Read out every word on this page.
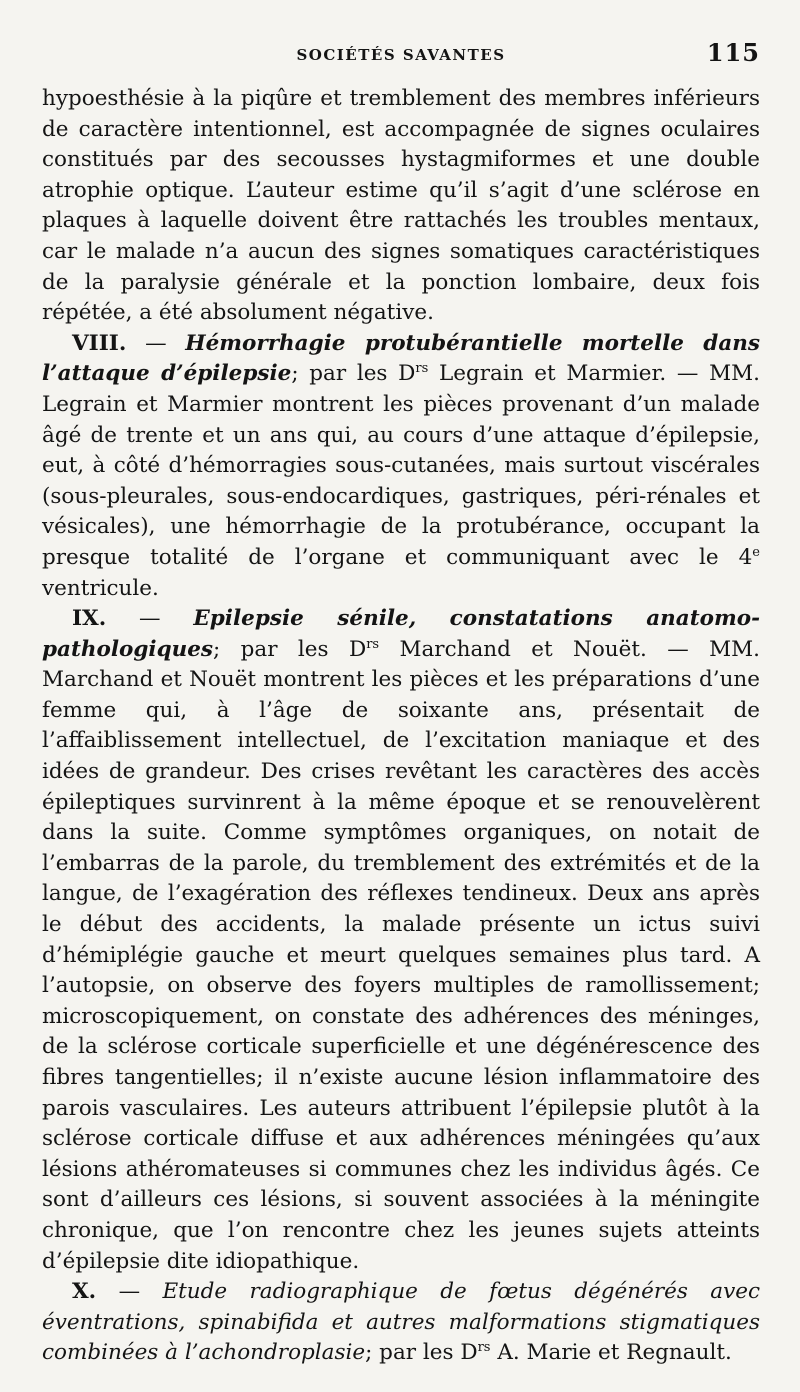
SOCIÉTÉS SAVANTES	115

hypoesthésie à la piqûre et tremblement des membres inférieurs de caractère intentionnel, est accompagnée de signes oculaires constitués par des secousses hystagmiformes et une double atrophie optique. L’auteur estime qu’il s’agit d’une sclérose en plaques à laquelle doivent être rattachés les troubles mentaux, car le malade n’a aucun des signes somatiques caractéristiques de la paralysie générale et la ponction lombaire, deux fois répétée, a été absolument négative.

VIII. — Hémorrhagie protubérantielle mortelle dans l’attaque d’épilepsie; par les $D^{rs}$ Legrain et Marmier. — MM. Legrain et Marmier montrent les pièces provenant d’un malade âgé de trente et un ans qui, au cours d’une attaque d’épilepsie, eut, à côté d’hémorragies sous-cutanées, mais surtout viscérales (sous-pleurales, sous-endocardiques, gastriques, péri-rénales et vésicales), une hémorrhagie de la protubérance, occupant la presque totalité de l’organe et communiquant avec le 4e ventricule.

IX. — Epilepsie sénile, constatations anatomo-pathologiques; par les $D^{rs}$ Marchand et Nouët. — MM. Marchand et Nouët montrent les pièces et les préparations d’une femme qui, à l’âge de soixante ans, présentait de l’affaiblissement intellectuel, de l’excitation maniaque et des idées de grandeur. Des crises revêtant les caractères des accès épileptiques survinrent à la même époque et se renouvelèrent dans la suite. Comme symptômes organiques, on notait de l’embarras de la parole, du tremblement des extrémités et de la langue, de l’exagération des réflexes tendineux. Deux ans après le début des accidents, la malade présente un ictus suivi d’hémiplégie gauche et meurt quelques semaines plus tard. A l’autopsie, on observe des foyers multiples de ramollissement; microscopiquement, on constate des adhérences des méninges, de la sclérose corticale superficielle et une dégénérescence des fibres tangentielles; il n’existe aucune lésion inflammatoire des parois vasculaires. Les auteurs attribuent l’épilepsie plutôt à la sclérose corticale diffuse et aux adhérences méningées qu’aux lésions athéromateuses si communes chez les individus âgés. Ce sont d’ailleurs ces lésions, si souvent associées à la méningite chronique, que l’on rencontre chez les jeunes sujets atteints d’épilepsie dite idiopathique.

X. — Etude radiographique de fœtus dégénérés avec éventrations, spinabifida et autres malformations stigmatiques combinées à l’achondroplasie; par les $D^{rs}$ A. Marie et Regnault.
